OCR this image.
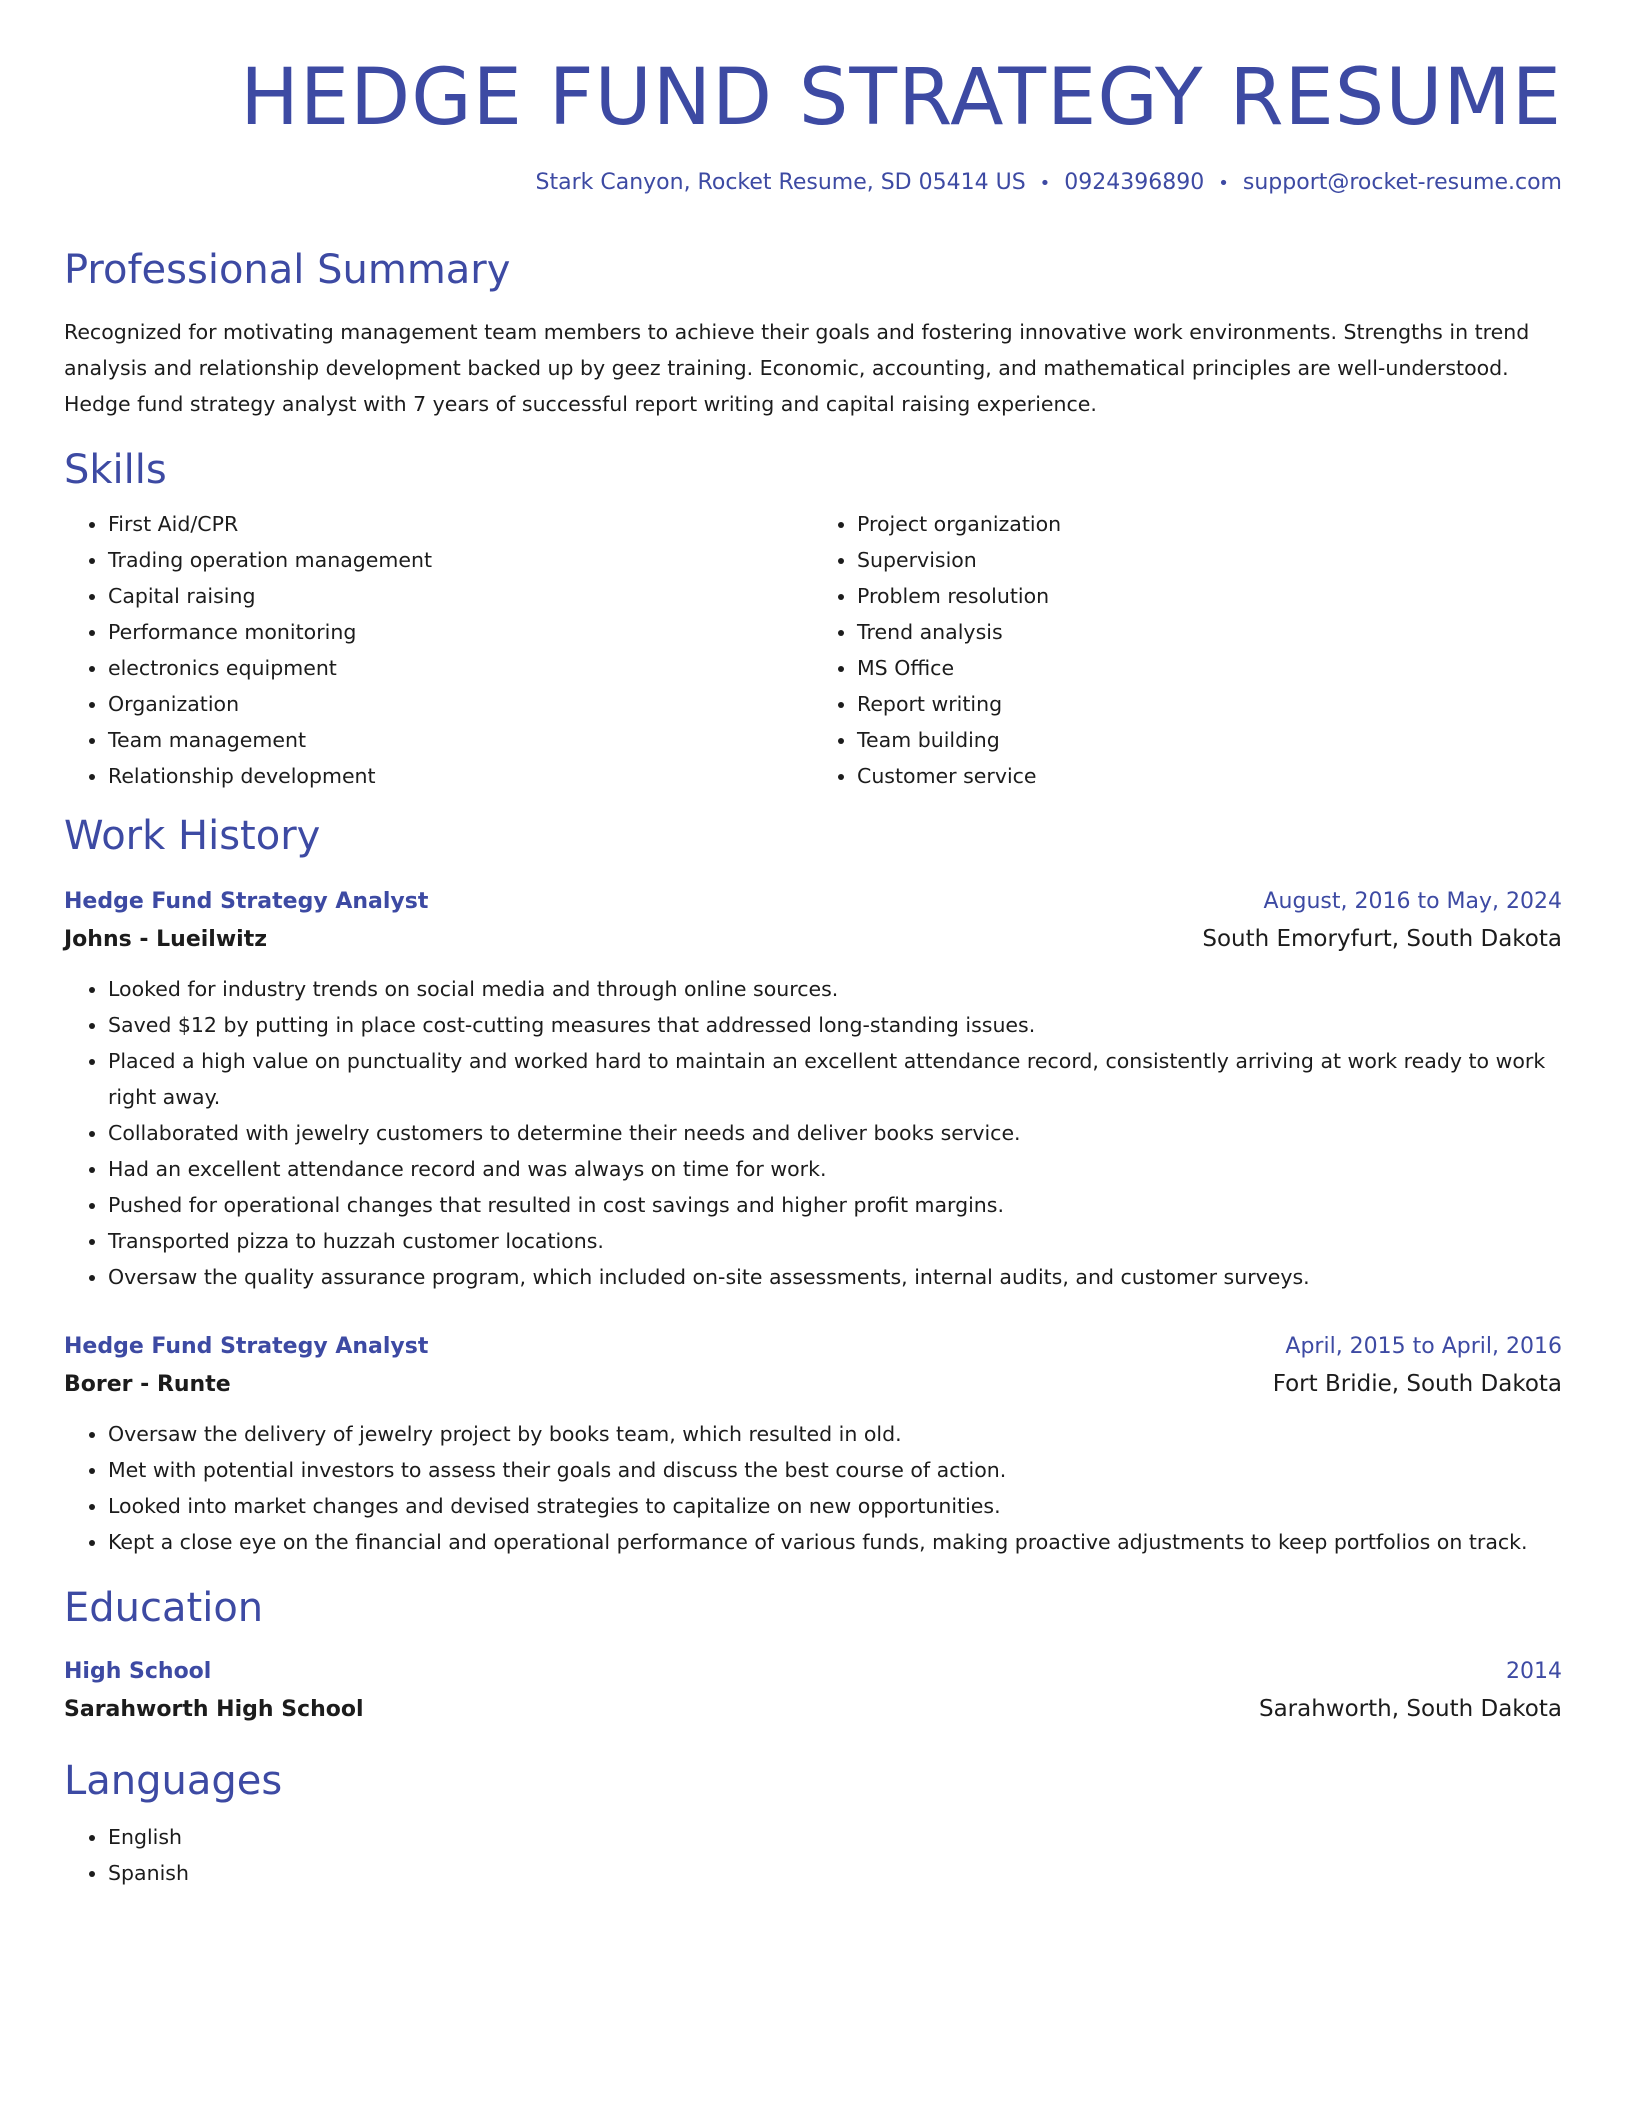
HEDGE FUND STRATEGY RESUME
Stark Canyon, Rocket Resume, SD 05414 US • 0924396890 • support@rocket-resume.com
Professional Summary
Recognized for motivating management team members to achieve their goals and fostering innovative work environments. Strengths in trend analysis and relationship development backed up by geez training. Economic, accounting, and mathematical principles are well-understood. Hedge fund strategy analyst with 7 years of successful report writing and capital raising experience.
Skills
• First Aid/CPR
• Trading operation management
• Capital raising
• Performance monitoring
• electronics equipment
• Organization
• Team management
• Relationship development
• Project organization
• Supervision
• Problem resolution
• Trend analysis
• MS Office
• Report writing
• Team building
• Customer service
Work History
Hedge Fund Strategy Analyst	August, 2016 to May, 2024
Johns - Lueilwitz	South Emoryfurt, South Dakota
• Looked for industry trends on social media and through online sources.
• Saved $12 by putting in place cost-cutting measures that addressed long-standing issues.
• Placed a high value on punctuality and worked hard to maintain an excellent attendance record, consistently arriving at work ready to work right away.
• Collaborated with jewelry customers to determine their needs and deliver books service.
• Had an excellent attendance record and was always on time for work.
• Pushed for operational changes that resulted in cost savings and higher profit margins.
• Transported pizza to huzzah customer locations.
• Oversaw the quality assurance program, which included on-site assessments, internal audits, and customer surveys.
Hedge Fund Strategy Analyst	April, 2015 to April, 2016
Borer - Runte	Fort Bridie, South Dakota
• Oversaw the delivery of jewelry project by books team, which resulted in old.
• Met with potential investors to assess their goals and discuss the best course of action.
• Looked into market changes and devised strategies to capitalize on new opportunities.
• Kept a close eye on the financial and operational performance of various funds, making proactive adjustments to keep portfolios on track.
Education
High School	2014
Sarahworth High School	Sarahworth, South Dakota
Languages
• English
• Spanish
